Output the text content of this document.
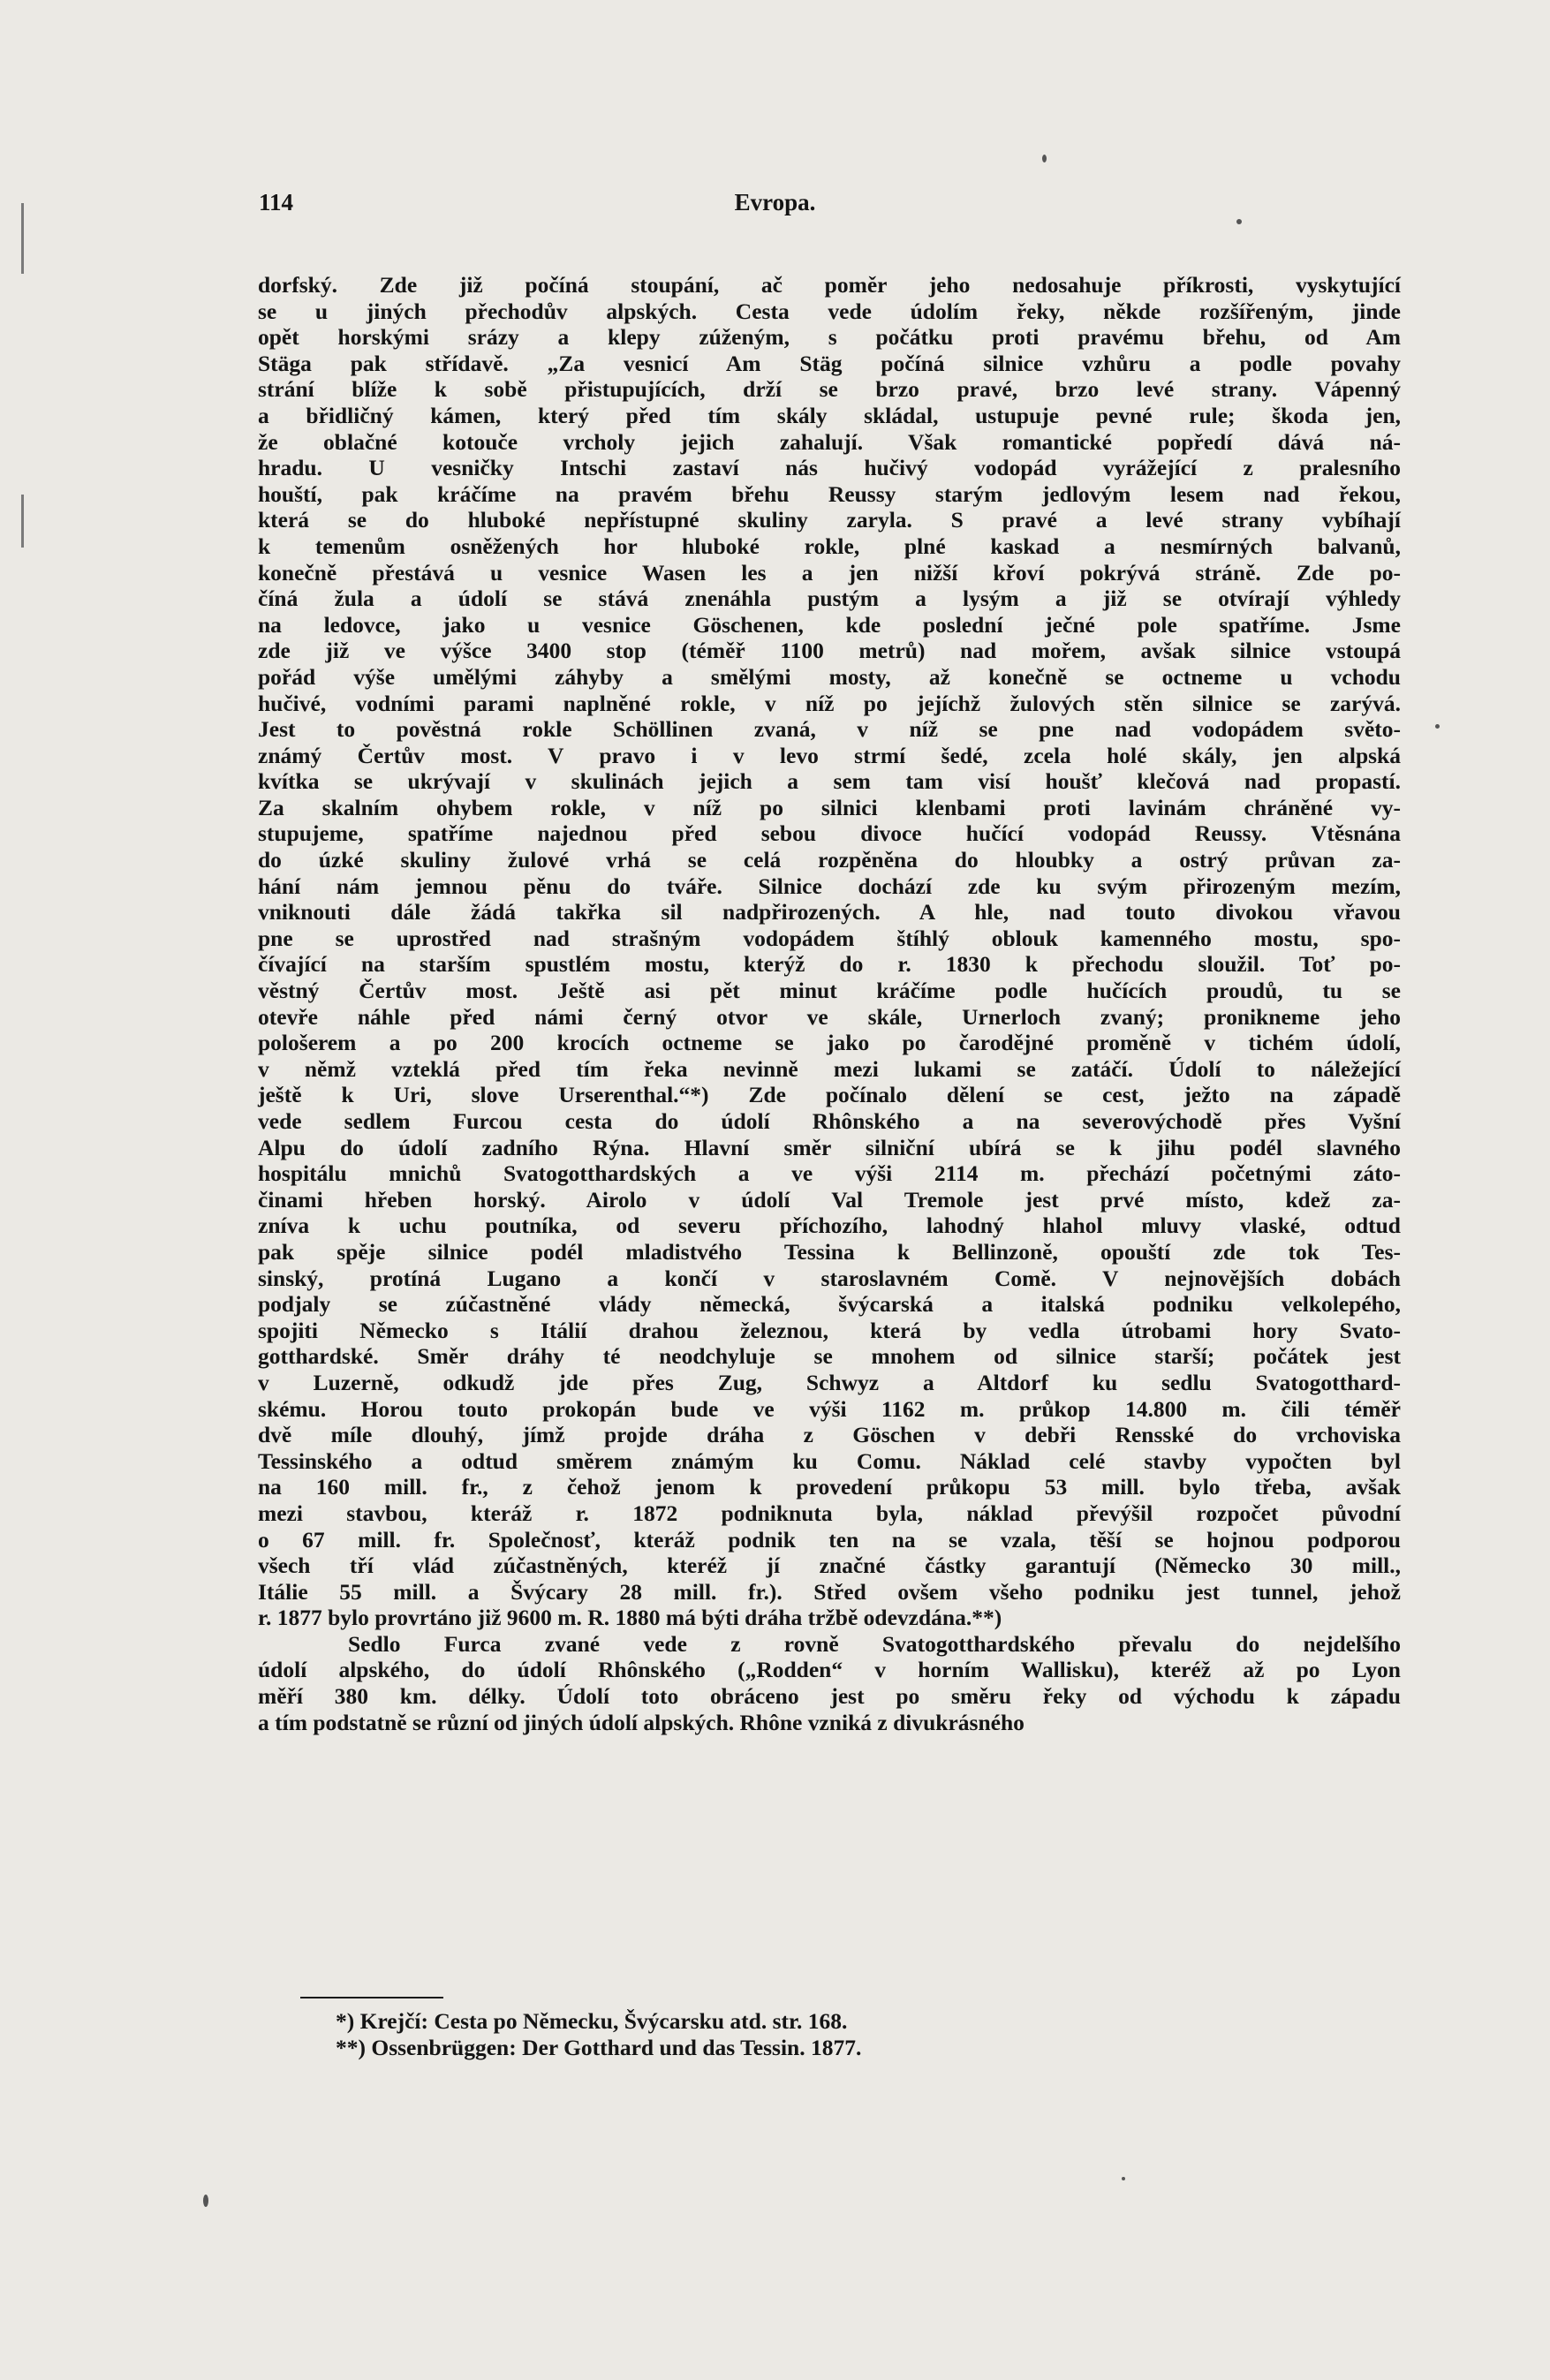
114	Evropa.
dorfský. Zde již počíná stoupání, ač poměr jeho nedosahuje příkrosti, vyskytující
se u jiných přechodův alpských. Cesta vede údolím řeky, někde rozšířeným, jinde
opět horskými srázy a klepy zúženým, s počátku proti pravému břehu, od Am
Stäga pak střídavě. „Za vesnicí Am Stäg počíná silnice vzhůru a podle povahy
strání blíže k sobě přistupujících, drží se brzo pravé, brzo levé strany. Vápenný
a břidličný kámen, který před tím skály skládal, ustupuje pevné rule; škoda jen,
že oblačné kotouče vrcholy jejich zahalují. Však romantické popředí dává ná-
hradu. U vesničky Intschi zastaví nás hučivý vodopád vyrážející z pralesního
houští, pak kráčíme na pravém břehu Reussy starým jedlovým lesem nad řekou,
která se do hluboké nepřístupné skuliny zaryla. S pravé a levé strany vybíhají
k temenům osněžených hor hluboké rokle, plné kaskad a nesmírných balvanů,
konečně přestává u vesnice Wasen les a jen nižší křoví pokrývá stráně. Zde po-
číná žula a údolí se stává znenáhla pustým a lysým a již se otvírají výhledy
na ledovce, jako u vesnice Göschenen, kde poslední ječné pole spatříme. Jsme
zde již ve výšce 3400 stop (téměř 1100 metrů) nad mořem, avšak silnice vstoupá
pořád výše umělými záhyby a smělými mosty, až konečně se octneme u vchodu
hučivé, vodními parami naplněné rokle, v níž po jejíchž žulových stěn silnice se zarývá.
Jest to pověstná rokle Schöllinen zvaná, v níž se pne nad vodopádem světo-
známý Čertův most. V pravo i v levo strmí šedé, zcela holé skály, jen alpská
kvítka se ukrývají v skulinách jejich a sem tam visí houšť klečová nad propastí.
Za skalním ohybem rokle, v níž po silnici klenbami proti lavinám chráněné vy-
stupujeme, spatříme najednou před sebou divoce hučící vodopád Reussy. Vtěsnána
do úzké skuliny žulové vrhá se celá rozpěněna do hloubky a ostrý průvan za-
hání nám jemnou pěnu do tváře. Silnice dochází zde ku svým přirozeným mezím,
vniknouti dále žádá takřka sil nadpřirozených. A hle, nad touto divokou vřavou
pne se uprostřed nad strašným vodopádem štíhlý oblouk kamenného mostu, spo-
čívající na starším spustlém mostu, kterýž do r. 1830 k přechodu sloužil. Toť po-
věstný Čertův most. Ještě asi pět minut kráčíme podle hučících proudů, tu se
otevře náhle před námi černý otvor ve skále, Urnerloch zvaný; pronikneme jeho
pološerem a po 200 krocích octneme se jako po čarodějné proměně v tichém údolí,
v němž vzteklá před tím řeka nevinně mezi lukami se zatáčí. Údolí to náležející
ještě k Uri, slove Urserenthal.“*) Zde počínalo dělení se cest, ježto na západě
vede sedlem Furcou cesta do údolí Rhônského a na severovýchodě přes Vyšní
Alpu do údolí zadního Rýna. Hlavní směr silniční ubírá se k jihu podél slavného
hospitálu mnichů Svatogotthardských a ve výši 2114 m. přechází početnými záto-
činami hřeben horský. Airolo v údolí Val Tremole jest prvé místo, kdež za-
zníva k uchu poutníka, od severu příchozího, lahodný hlahol mluvy vlaské, odtud
pak spěje silnice podél mladistvého Tessina k Bellinzoně, opouští zde tok Tes-
sinský, protíná Lugano a končí v staroslavném Comě. V nejnovějších dobách
podjaly se zúčastněné vlády německá, švýcarská a italská podniku velkolepého,
spojiti Německo s Itálií drahou železnou, která by vedla útrobami hory Svato-
gotthardské. Směr dráhy té neodchyluje se mnohem od silnice starší; počátek jest
v Luzerně, odkudž jde přes Zug, Schwyz a Altdorf ku sedlu Svatogotthard-
skému. Horou touto prokopán bude ve výši 1162 m. průkop 14.800 m. čili téměř
dvě míle dlouhý, jímž projde dráha z Göschen v debři Rensské do vrchoviska
Tessinského a odtud směrem známým ku Comu. Náklad celé stavby vypočten byl
na 160 mill. fr., z čehož jenom k provedení průkopu 53 mill. bylo třeba, avšak
mezi stavbou, kteráž r. 1872 podniknuta byla, náklad převýšil rozpočet původní
o 67 mill. fr. Společnosť, kteráž podnik ten na se vzala, těší se hojnou podporou
všech tří vlád zúčastněných, kteréž jí značné částky garantují (Německo 30 mill.,
Itálie 55 mill. a Švýcary 28 mill. fr.). Střed ovšem všeho podniku jest tunnel, jehož
r. 1877 bylo provrtáno již 9600 m. R. 1880 má býti dráha tržbě odevzdána.**)
Sedlo Furca zvané vede z rovně Svatogotthardského převalu do nejdelšího
údolí alpského, do údolí Rhônského („Rodden“ v horním Wallisku), kteréž až po Lyon
měří 380 km. délky. Údolí toto obráceno jest po směru řeky od východu k západu
a tím podstatně se různí od jiných údolí alpských. Rhône vzniká z divukrásného
*) Krejčí: Cesta po Německu, Švýcarsku atd. str. 168.
**) Ossenbrüggen: Der Gotthard und das Tessin. 1877.
